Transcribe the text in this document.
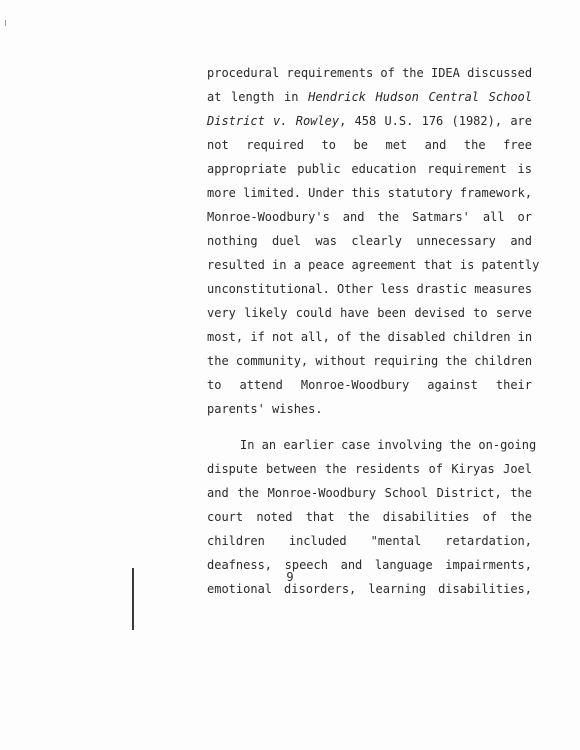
procedural requirements of the IDEA discussed
at length in Hendrick Hudson Central School
District v. Rowley, 458 U.S. 176 (1982), are
not required to be met and the free
appropriate public education requirement is
more limited. Under this statutory framework,
Monroe-Woodbury's and the Satmars' all or
nothing duel was clearly unnecessary and
resulted in a peace agreement that is patently
unconstitutional. Other less drastic measures
very likely could have been devised to serve
most, if not all, of the disabled children in
the community, without requiring the children
to attend Monroe-Woodbury against their
parents' wishes.
In an earlier case involving the on-going
dispute between the residents of Kiryas Joel
and the Monroe-Woodbury School District, the
court noted that the disabilities of the
children included "mental retardation,
deafness, speech and language impairments,
emotional disorders, learning disabilities,
9
